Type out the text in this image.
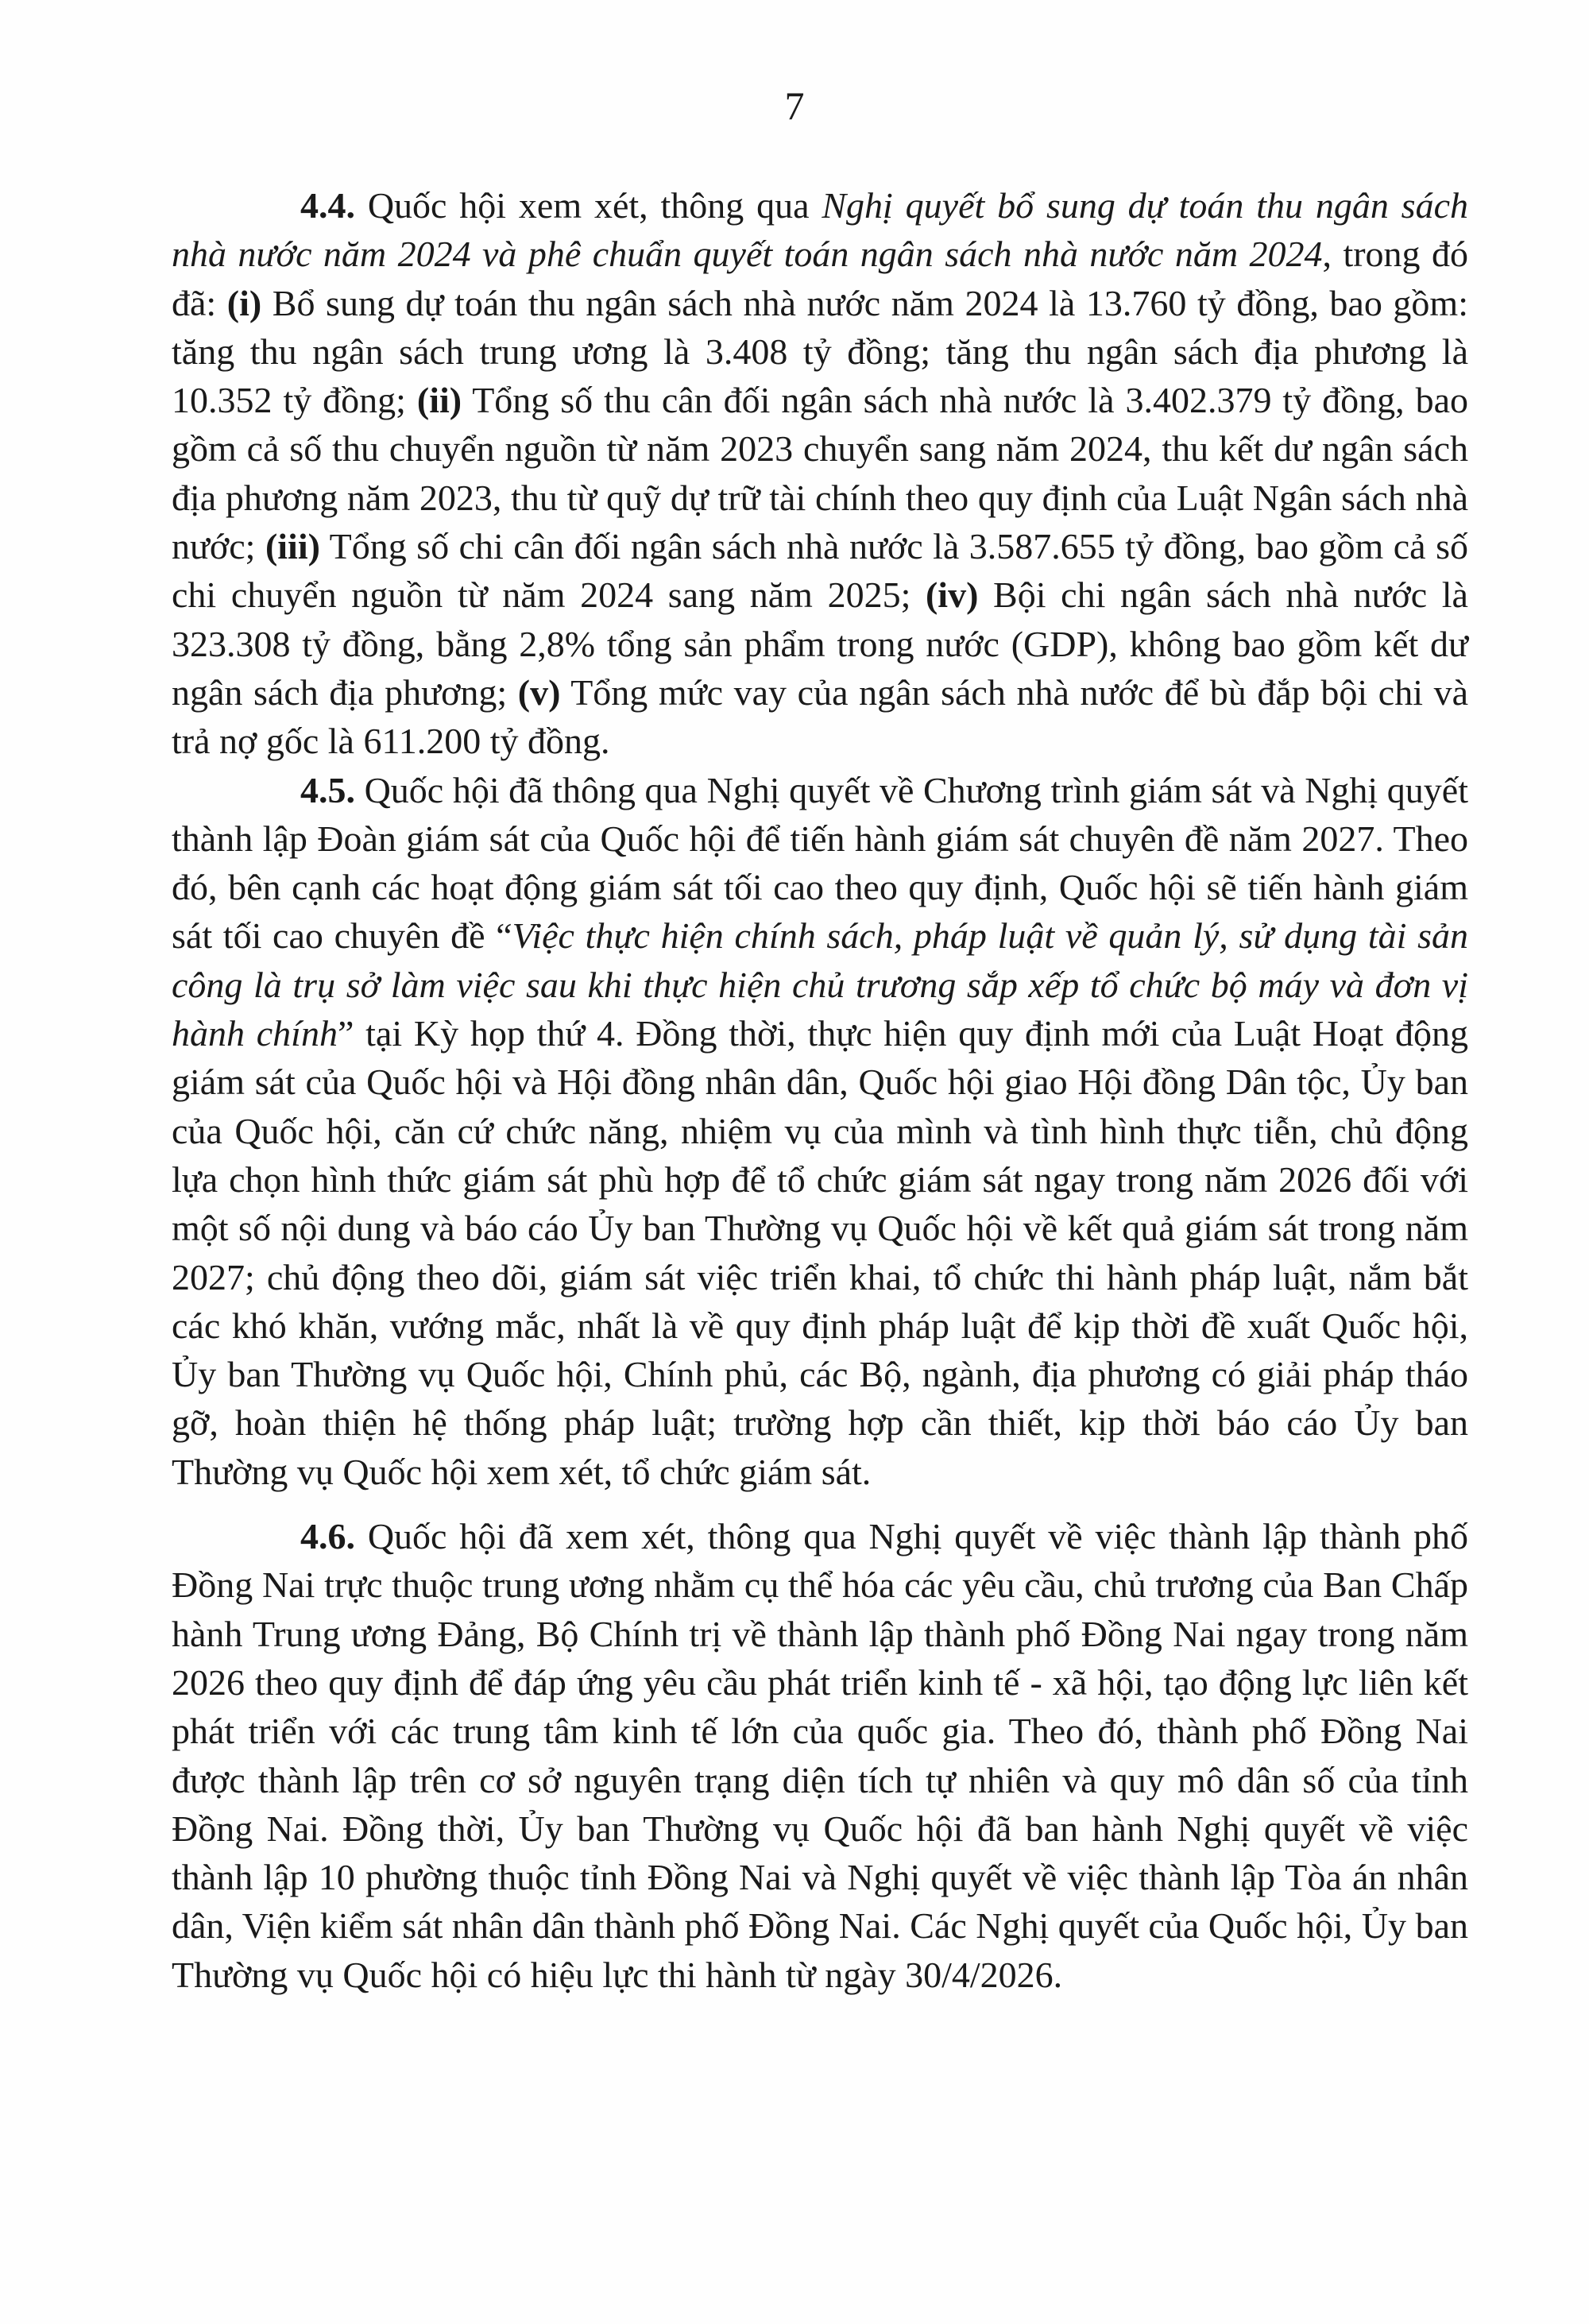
7

4.4. Quốc hội xem xét, thông qua Nghị quyết bổ sung dự toán thu ngân sách nhà nước năm 2024 và phê chuẩn quyết toán ngân sách nhà nước năm 2024, trong đó đã: (i) Bổ sung dự toán thu ngân sách nhà nước năm 2024 là 13.760 tỷ đồng, bao gồm: tăng thu ngân sách trung ương là 3.408 tỷ đồng; tăng thu ngân sách địa phương là 10.352 tỷ đồng; (ii) Tổng số thu cân đối ngân sách nhà nước là 3.402.379 tỷ đồng, bao gồm cả số thu chuyển nguồn từ năm 2023 chuyển sang năm 2024, thu kết dư ngân sách địa phương năm 2023, thu từ quỹ dự trữ tài chính theo quy định của Luật Ngân sách nhà nước; (iii) Tổng số chi cân đối ngân sách nhà nước là 3.587.655 tỷ đồng, bao gồm cả số chi chuyển nguồn từ năm 2024 sang năm 2025; (iv) Bội chi ngân sách nhà nước là 323.308 tỷ đồng, bằng 2,8% tổng sản phẩm trong nước (GDP), không bao gồm kết dư ngân sách địa phương; (v) Tổng mức vay của ngân sách nhà nước để bù đắp bội chi và trả nợ gốc là 611.200 tỷ đồng.

4.5. Quốc hội đã thông qua Nghị quyết về Chương trình giám sát và Nghị quyết thành lập Đoàn giám sát của Quốc hội để tiến hành giám sát chuyên đề năm 2027. Theo đó, bên cạnh các hoạt động giám sát tối cao theo quy định, Quốc hội sẽ tiến hành giám sát tối cao chuyên đề “Việc thực hiện chính sách, pháp luật về quản lý, sử dụng tài sản công là trụ sở làm việc sau khi thực hiện chủ trương sắp xếp tổ chức bộ máy và đơn vị hành chính” tại Kỳ họp thứ 4. Đồng thời, thực hiện quy định mới của Luật Hoạt động giám sát của Quốc hội và Hội đồng nhân dân, Quốc hội giao Hội đồng Dân tộc, Ủy ban của Quốc hội, căn cứ chức năng, nhiệm vụ của mình và tình hình thực tiễn, chủ động lựa chọn hình thức giám sát phù hợp để tổ chức giám sát ngay trong năm 2026 đối với một số nội dung và báo cáo Ủy ban Thường vụ Quốc hội về kết quả giám sát trong năm 2027; chủ động theo dõi, giám sát việc triển khai, tổ chức thi hành pháp luật, nắm bắt các khó khăn, vướng mắc, nhất là về quy định pháp luật để kịp thời đề xuất Quốc hội, Ủy ban Thường vụ Quốc hội, Chính phủ, các Bộ, ngành, địa phương có giải pháp tháo gỡ, hoàn thiện hệ thống pháp luật; trường hợp cần thiết, kịp thời báo cáo Ủy ban Thường vụ Quốc hội xem xét, tổ chức giám sát.

4.6. Quốc hội đã xem xét, thông qua Nghị quyết về việc thành lập thành phố Đồng Nai trực thuộc trung ương nhằm cụ thể hóa các yêu cầu, chủ trương của Ban Chấp hành Trung ương Đảng, Bộ Chính trị về thành lập thành phố Đồng Nai ngay trong năm 2026 theo quy định để đáp ứng yêu cầu phát triển kinh tế - xã hội, tạo động lực liên kết phát triển với các trung tâm kinh tế lớn của quốc gia. Theo đó, thành phố Đồng Nai được thành lập trên cơ sở nguyên trạng diện tích tự nhiên và quy mô dân số của tỉnh Đồng Nai. Đồng thời, Ủy ban Thường vụ Quốc hội đã ban hành Nghị quyết về việc thành lập 10 phường thuộc tỉnh Đồng Nai và Nghị quyết về việc thành lập Tòa án nhân dân, Viện kiểm sát nhân dân thành phố Đồng Nai. Các Nghị quyết của Quốc hội, Ủy ban Thường vụ Quốc hội có hiệu lực thi hành từ ngày 30/4/2026.
